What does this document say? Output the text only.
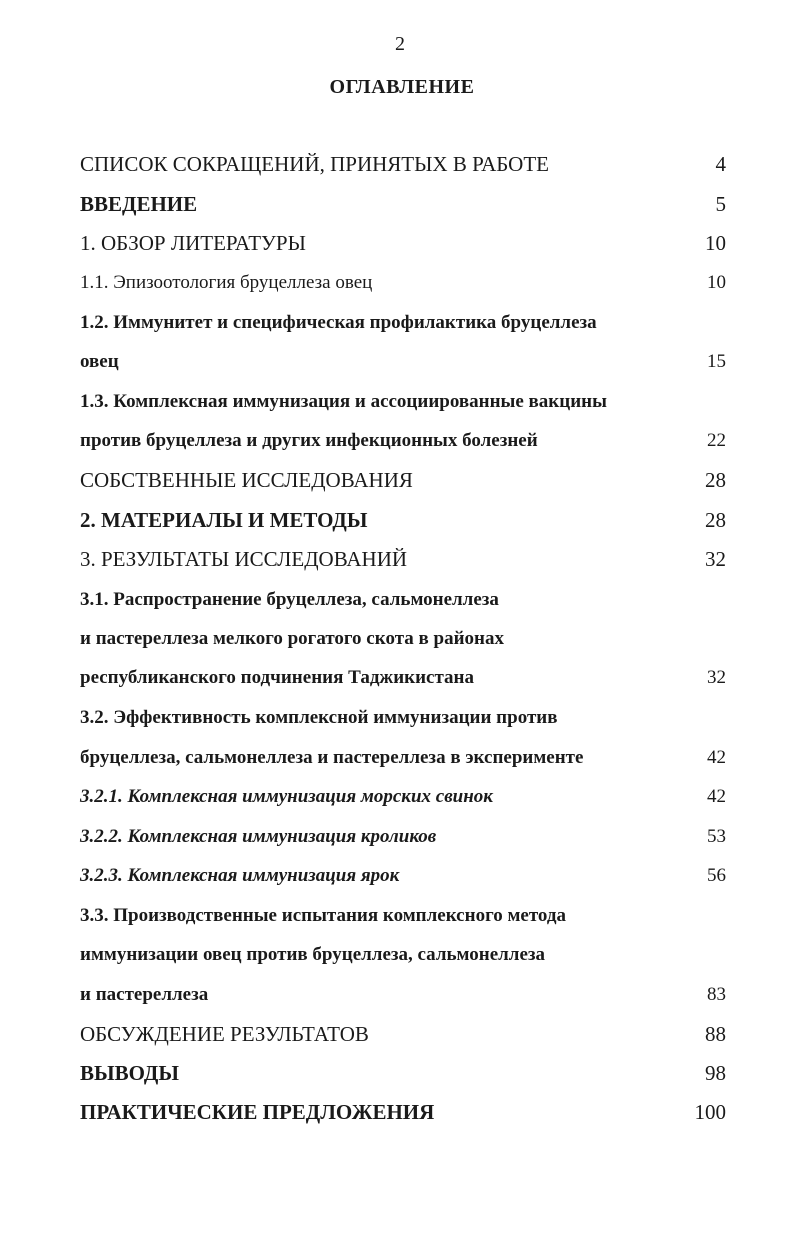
2
ОГЛАВЛЕНИЕ
СПИСОК СОКРАЩЕНИЙ, ПРИНЯТЫХ В РАБОТЕ	4
ВВЕДЕНИЕ	5
1. ОБЗОР ЛИТЕРАТУРЫ	10
1.1. Эпизоотология бруцеллеза овец	10
1.2. Иммунитет и специфическая профилактика бруцеллеза
овец	15
1.3. Комплексная иммунизация и ассоциированные вакцины
против бруцеллеза и других инфекционных болезней	22
СОБСТВЕННЫЕ ИССЛЕДОВАНИЯ	28
2. МАТЕРИАЛЫ И МЕТОДЫ	28
3. РЕЗУЛЬТАТЫ ИССЛЕДОВАНИЙ	32
3.1. Распространение бруцеллеза, сальмонеллеза
и пастереллеза мелкого рогатого скота в районах
республиканского подчинения Таджикистана	32
3.2. Эффективность комплексной иммунизации против
бруцеллеза, сальмонеллеза и пастереллеза в эксперименте	42
3.2.1. Комплексная иммунизация морских свинок	42
3.2.2. Комплексная иммунизация кроликов	53
3.2.3. Комплексная иммунизация ярок	56
3.3. Производственные испытания комплексного метода
иммунизации овец против бруцеллеза, сальмонеллеза
и пастереллеза	83
ОБСУЖДЕНИЕ РЕЗУЛЬТАТОВ	88
ВЫВОДЫ	98
ПРАКТИЧЕСКИЕ ПРЕДЛОЖЕНИЯ	100
